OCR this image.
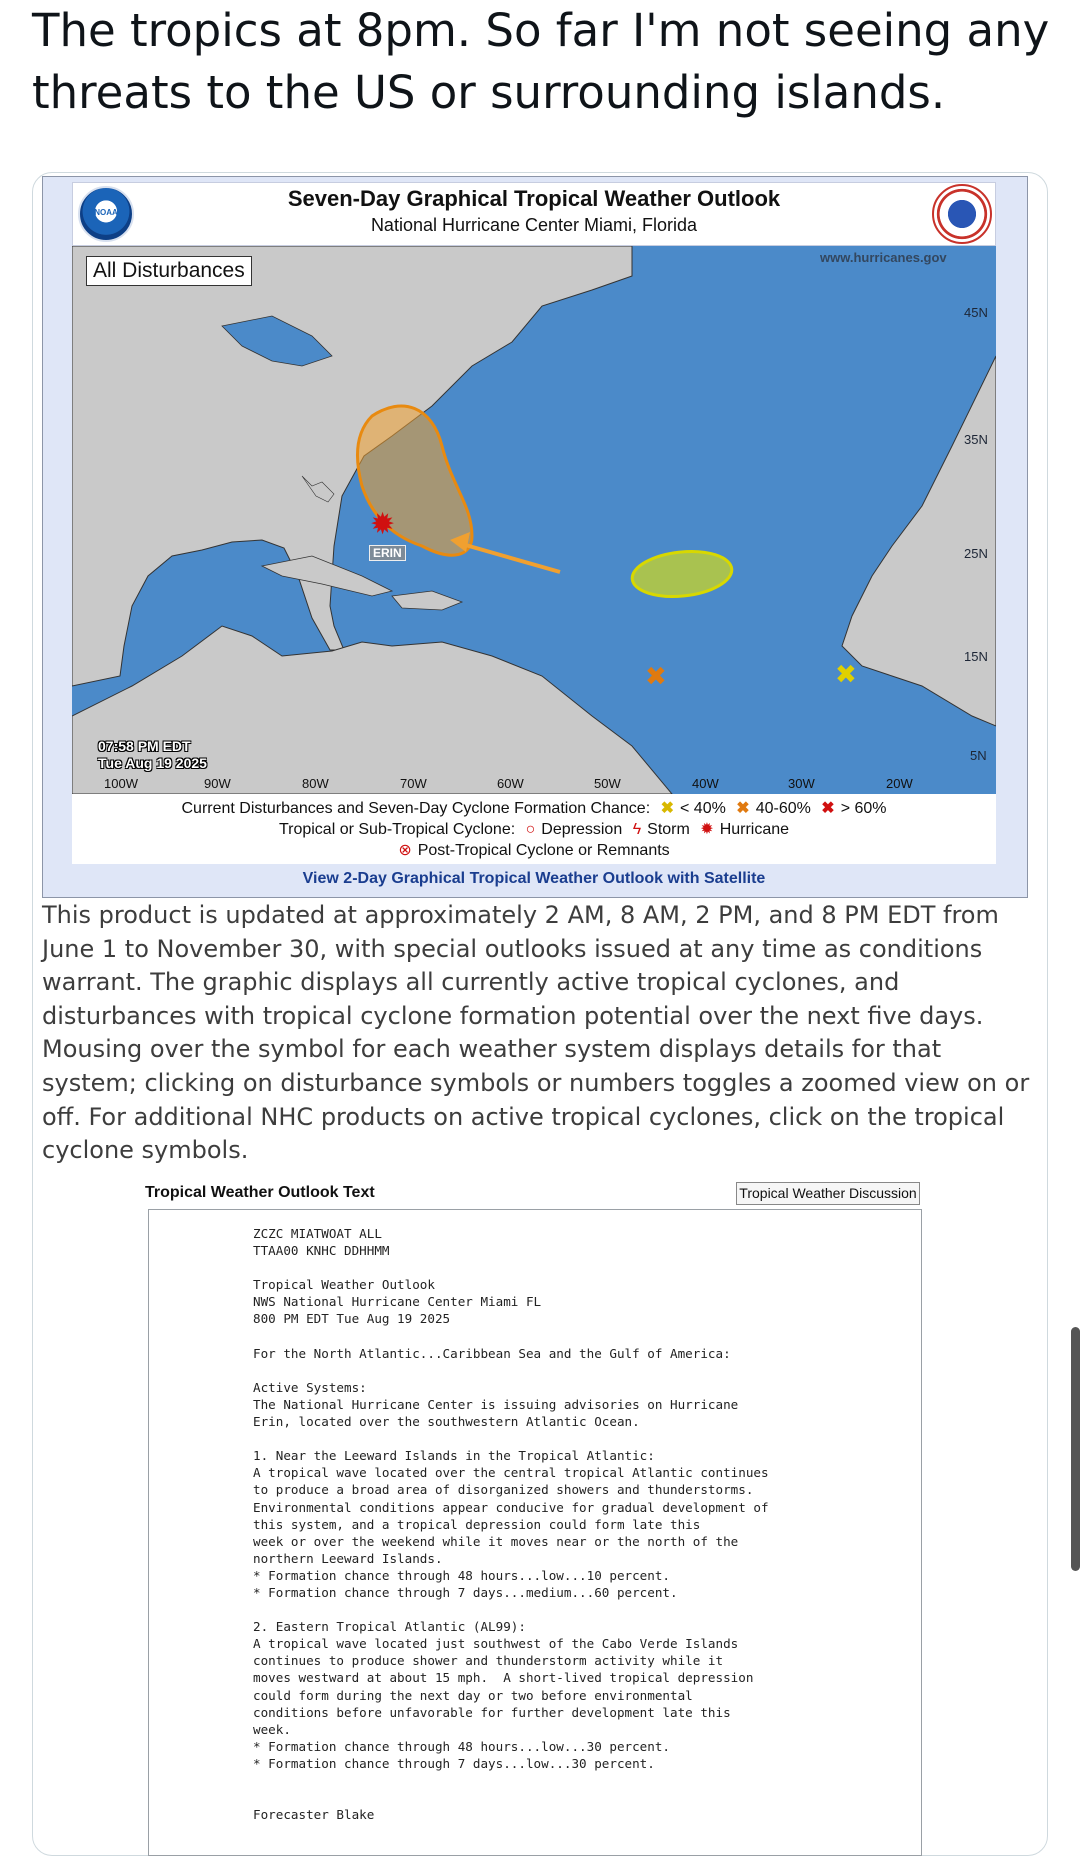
The tropics at 8pm. So far I'm not seeing any threats to the US or surrounding islands.
NOAA
Seven-Day Graphical Tropical Weather Outlook
National Hurricane Center Miami, Florida
All Disturbances
www.hurricanes.gov
45N
35N
25N
15N
5N
ERIN
✹
✖	✖
07:58 PM EDT
Tue Aug 19 2025
100W	90W	80W	70W	60W	50W	40W	30W	20W
Current Disturbances and Seven-Day Cyclone Formation Chance: ✖ < 40% ✖ 40-60% ✖ > 60%
Tropical or Sub-Tropical Cyclone: ○ Depression ϟ Storm ✹ Hurricane
⊗ Post-Tropical Cyclone or Remnants
View 2-Day Graphical Tropical Weather Outlook with Satellite
This product is updated at approximately 2 AM, 8 AM, 2 PM, and 8 PM EDT from June 1 to November 30, with special outlooks issued at any time as conditions warrant. The graphic displays all currently active tropical cyclones, and disturbances with tropical cyclone formation potential over the next five days. Mousing over the symbol for each weather system displays details for that system; clicking on disturbance symbols or numbers toggles a zoomed view on or off. For additional NHC products on active tropical cyclones, click on the tropical cyclone symbols.
Tropical Weather Outlook Text	Tropical Weather Discussion
ZCZC MIATWOAT ALL
TTAA00 KNHC DDHHMM

Tropical Weather Outlook
NWS National Hurricane Center Miami FL
800 PM EDT Tue Aug 19 2025

For the North Atlantic...Caribbean Sea and the Gulf of America:

Active Systems:
The National Hurricane Center is issuing advisories on Hurricane
Erin, located over the southwestern Atlantic Ocean.

1. Near the Leeward Islands in the Tropical Atlantic:
A tropical wave located over the central tropical Atlantic continues
to produce a broad area of disorganized showers and thunderstorms.
Environmental conditions appear conducive for gradual development of
this system, and a tropical depression could form late this
week or over the weekend while it moves near or the north of the
northern Leeward Islands.
* Formation chance through 48 hours...low...10 percent.
* Formation chance through 7 days...medium...60 percent.

2. Eastern Tropical Atlantic (AL99):
A tropical wave located just southwest of the Cabo Verde Islands
continues to produce shower and thunderstorm activity while it
moves westward at about 15 mph.  A short-lived tropical depression
could form during the next day or two before environmental
conditions before unfavorable for further development late this
week.
* Formation chance through 48 hours...low...30 percent.
* Formation chance through 7 days...low...30 percent.

Forecaster Blake
